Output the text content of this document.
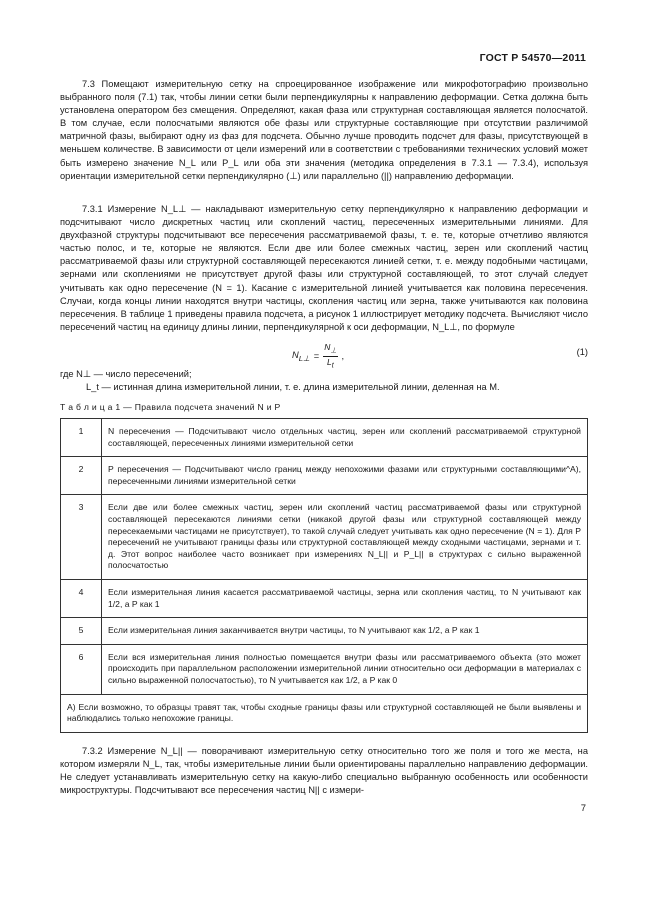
ГОСТ Р 54570—2011

7.3 Помещают измерительную сетку на спроецированное изображение или микрофотографию произвольно выбранного поля (7.1) так, чтобы линии сетки были перпендикулярны к направлению деформации. Сетка должна быть установлена оператором без смещения. Определяют, какая фаза или структурная составляющая является полосчатой. В том случае, если полосчатыми являются обе фазы или структурные составляющие при отсутствии различимой матричной фазы, выбирают одну из фаз для подсчета. Обычно лучше проводить подсчет для фазы, присутствующей в меньшем количестве. В зависимости от цели измерений или в соответствии с требованиями технических условий может быть измерено значение N_L или P_L или оба эти значения (методика определения в 7.3.1 — 7.3.4), используя ориентации измерительной сетки перпендикулярно (⊥) или параллельно (||) направлению деформации.

7.3.1 Измерение N_L⊥ — накладывают измерительную сетку перпендикулярно к направлению деформации и подсчитывают число дискретных частиц или скоплений частиц, пересеченных измерительными линиями. Для двухфазной структуры подсчитывают все пересечения рассматриваемой фазы, т. е. те, которые отчетливо являются частью полос, и те, которые не являются. Если две или более смежных частиц, зерен или скоплений частиц рассматриваемой фазы или структурной составляющей пересекаются линией сетки, т. е. между подобными частицами, зернами или скоплениями не присутствует другой фазы или структурной составляющей, то этот случай следует учитывать как одно пересечение (N = 1). Касание с измерительной линией учитывается как половина пересечения. Случаи, когда концы линии находятся внутри частицы, скопления частиц или зерна, также учитываются как половина пересечения. В таблице 1 приведены правила подсчета, а рисунок 1 иллюстрирует методику подсчета. Вычисляют число пересечений частиц на единицу длины линии, перпендикулярной к оси деформации, N_L⊥, по формуле

$N_{L\perp} = \frac{N_\perp}{L_t}$ ,	(1)
где N⊥ — число пересечений;
L_t — истинная длина измерительной линии, т. е. длина измерительной линии, деленная на M.
Т а б л и ц а 1 — Правила подсчета значений N и P
1	N пересечения — Подсчитывают число отдельных частиц, зерен или скоплений рассматриваемой структурной составляющей, пересеченных линиями измерительной сетки
2	P пересечения — Подсчитывают число границ между непохожими фазами или структурными составляющими^A), пересеченными линиями измерительной сетки
3	Если две или более смежных частиц, зерен или скоплений частиц рассматриваемой фазы или структурной составляющей пересекаются линиями сетки (никакой другой фазы или структурной составляющей между пересекаемыми частицами не присутствует), то такой случай следует учитывать как одно пересечение (N = 1). Для P пересечений не учитывают границы фазы или структурной составляющей между сходными частицами, зернами и т. д. Этот вопрос наиболее часто возникает при измерениях N_L|| и P_L|| в структурах с сильно выраженной полосчатостью
4	Если измерительная линия касается рассматриваемой частицы, зерна или скопления частиц, то N учитывают как 1/2, а P как 1
5	Если измерительная линия заканчивается внутри частицы, то N учитывают как 1/2, а P как 1
6	Если вся измерительная линия полностью помещается внутри фазы или рассматриваемого объекта (это может происходить при параллельном расположении измерительной линии относительно оси деформации в материалах с сильно выраженной полосчатостью), то N учитывается как 1/2, а P как 0
A) Если возможно, то образцы травят так, чтобы сходные границы фазы или структурной составляющей не были выявлены и наблюдались только непохожие границы.	

7.3.2 Измерение N_L|| — поворачивают измерительную сетку относительно того же поля и того же места, на котором измеряли N_L, так, чтобы измерительные линии были ориентированы параллельно направлению деформации. Не следует устанавливать измерительную сетку на какую-либо специально выбранную особенность или особенности микроструктуры. Подсчитывают все пересечения частиц N|| с измери-

7
